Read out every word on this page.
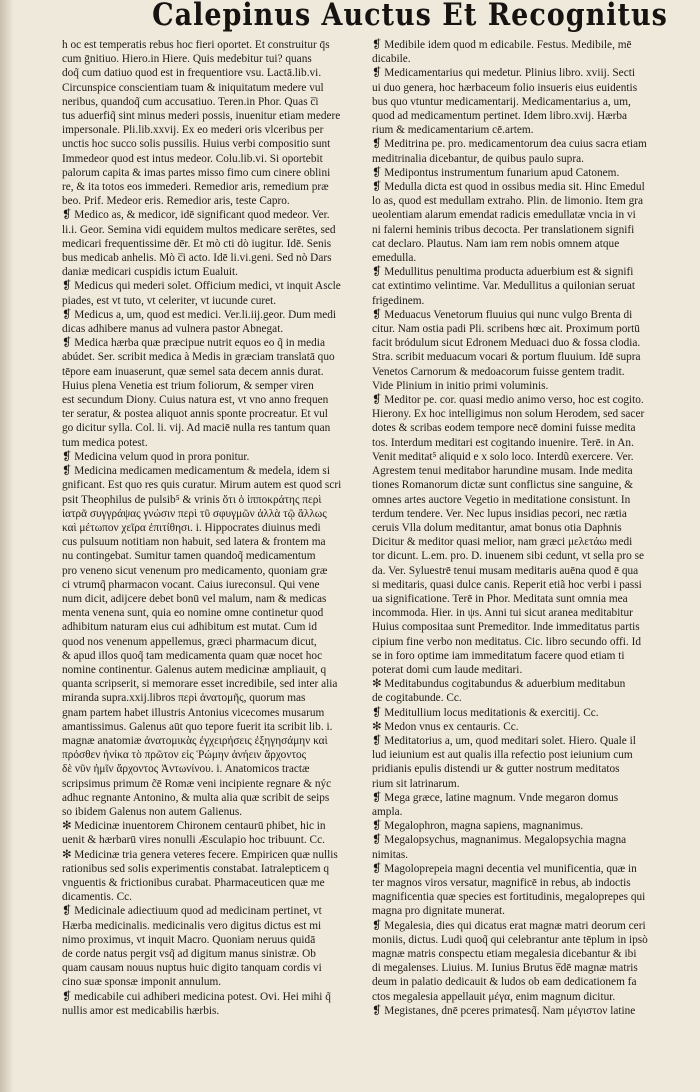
Calepinus Auctus Et Recognitus

h oc est temperatis rebus hoc fieri oportet. Et construitur q̄s

cum ḡnitiuo. Hiero.in Hiere. Quis medebitur tui? quans

doq̃ cum datiuo quod est in frequentiore vsu. Lactā.lib.vi.

Circunspice conscientiam tuam & iniquitatum medere vul

neribus, quandoq̃ cum accusatiuo. Teren.in Phor. Quas c̅i

tus aduerfiq̃ sint minus mederi possis, inuenitur etiam medere

impersonale. Pli.lib.xxvij. Ex eo mederi oris vlceribus per

unctis hoc succo solis pussilis. Huius verbi compositio sunt

Immedeor quod est intus medeor. Colu.lib.vi. Si oportebit

palorum capita & imas partes misso fimo cum cinere oblini

re, & ita totos eos immederi. Remedior aris, remedium præ

beo. Prif. Medeor eris. Remedior aris, teste Capro.

❡ Medico as, & medicor, idē significant quod medeor. Ver.

li.i. Geor. Semina vidi equidem multos medicare serētes, sed

medicari frequentissime dēr. Et mò cti dò iugitur. Idē. Senis

bus medicab anhelis. Mò c̅i acto. Idē li.vi.geni. Sed nò Dars

daniæ medicari cuspidis ictum Eualuit.

❡ Medicus qui mederi solet. Officium medici, vt inquit Ascle

piades, est vt tuto, vt celeriter, vt iucunde curet.

❡ Medicus a, um, quod est medici. Ver.li.iij.geor. Dum medi

dicas adhibere manus ad vulnera pastor Abnegat.

❡ Medica hærba quæ præcipue nutrit equos eo q̃ in media

abúdet. Ser. scribit medica à Medis in græciam translatā quo

tēpore eam inuaserunt, quæ semel sata decem annis durat.

Huius plena Venetia est trium foliorum, & semper viren

est secundum Diony. Cuius natura est, vt vno anno frequen

ter seratur, & postea aliquot annis sponte procreatur. Et vul

go dicitur sylla. Col. li. vij. Ad maciē nulla res tantum quan

tum medica potest.

❡ Medicina velum quod in prora ponitur.

❡ Medicina medicamen medicamentum & medela, idem si

gnificant. Est quo res quis curatur. Mirum autem est quod scri

psit Theophilus de pulsib⁵ & vrinis ὅτι ὁ ἱπποκράτης περὶ

ἰατρᾶ συγγράψας γνώσιν περὶ τῦ σφυγμῶν ἀλλὰ τῷ ἄλλως

καὶ μέτωπον χεῖρα ἐπιτίθησι. i. Hippocrates diuinus medi

cus pulsuum notitiam non habuit, sed latera & frontem ma

nu contingebat. Sumitur tamen quandoq̃ medicamentum

pro veneno sicut venenum pro medicamento, quoniam græ

ci vtrumq̃ pharmacon vocant. Caius iureconsul. Qui vene

num dicit, adijcere debet bonū vel malum, nam & medicas

menta venena sunt, quia eo nomine omne continetur quod

adhibitum naturam eius cui adhibitum est mutat. Cum id

quod nos venenum appellemus, græci pharmacum dicut,

& apud illos quoq̃ tam medicamenta quam quæ nocet hoc

nomine continentur. Galenus autem medicinæ ampliauit, q

quanta scripserit, si memorare esset incredibile, sed inter alia

miranda supra.xxij.libros περὶ ἀνατομῆς, quorum mas

gnam partem habet illustris Antonius vicecomes musarum

amantissimus. Galenus aūt quo tepore fuerit ita scribit lib. i.

magnæ anatomiæ ἀνατομικὰς ἐγχειρήσεις ἐξηγησάμην καὶ

πρόσθεν ἡνίκα τὸ πρῶτον εἰς Ῥώμην ἀνήειν ἄρχοντος

δὲ νῦν ἡμῖν ἄρχοντος Ἀντωνίνου. i. Anatomicos tractæ

scripsimus primum c̃ē Romæ veni incipiente regnare & nýc

adhuc regnante Antonino, & multa alia quæ scribit de seips

so ibidem Galenus non autem Galienus.

✻ Medicinæ inuentorem Chironem centaurū phibet, hic in

uenit & hærbarū vires nonulli Æsculapio hoc tribuunt. Cc.

✻ Medicinæ tria genera veteres fecere. Empiricen quæ nullis

rationibus sed solis experimentis constabat. Iatralepticem q

vnguentis & frictionibus curabat. Pharmaceuticen quæ me

dicamentis. Cc.

❡ Medicinale adiectiuum quod ad medicinam pertinet, vt

Hærba medicinalis. medicinalis vero digitus dictus est mi

nimo proximus, vt inquit Macro. Quoniam neruus quidā

de corde natus pergit vsq̃ ad digitum manus sinistræ. Ob

quam causam nouus nuptus huic digito tanquam cordis vi

cino suæ sponsæ imponit annulum.

❡ medicabile cui adhiberi medicina potest. Ovi. Hei mihi q̃

nullis amor est medicabilis hærbis.

❡ Medibile idem quod m edicabile. Festus. Medibile, mē

dicabile.

❡ Medicamentarius qui medetur. Plinius libro. xviij. Secti

ui duo genera, hoc hærbaceum folio insueris eius euidentis

bus quo vtuntur medicamentarij. Medicamentarius a, um,

quod ad medicamentum pertinet. Idem libro.xvij. Hærba

rium & medicamentarium cē.artem.

❡ Meditrina pe. pro. medicamentorum dea cuius sacra etiam

meditrinalia dicebantur, de quibus paulo supra.

❡ Medipontus instrumentum funarium apud Catonem.

❡ Medulla dicta est quod in ossibus media sit. Hinc Emedul

lo as, quod est medullam extraho. Plin. de limonio. Item gra

ueolentiam alarum emendat radicis emedullatæ vncia in vi

ni falerni heminis tribus decocta. Per translationem signifi

cat declaro. Plautus. Nam iam rem nobis omnem atque

emedulla.

❡ Medullitus penultima producta aduerbium est & signifi

cat extintimo velintime. Var. Medullitus a quilonian seruat

frigedinem.

❡ Meduacus Venetorum fluuius qui nunc vulgo Brenta di

citur. Nam ostia padi Pli. scribens hœc ait. Proximum portū

facit bródulum sicut Edronem Meduaci duo & fossa clodia.

Stra. scribit meduacum vocari & portum fluuium. Idē supra

Venetos Carnorum & medoacorum fuisse gentem tradit.

Vide Plinium in initio primi voluminis.

❡ Meditor pe. cor. quasi medio animo verso, hoc est cogito.

Hierony. Ex hoc intelligimus non solum Herodem, sed sacer

dotes & scribas eodem tempore necē domini fuisse medita

tos. Interdum meditari est cogitando inuenire. Terē. in An.

Venit meditat⁵ aliquid e x solo loco. Interdũ exercere. Ver.

Agrestem tenui meditabor harundine musam. Inde medita

tiones Romanorum dictæ sunt conflictus sine sanguine, &

omnes artes auctore Vegetio in meditatione consistunt. In

terdum tendere. Ver. Nec lupus insidias pecori, nec rætia

ceruis Vlla dolum meditantur, amat bonus otia Daphnis

Dicitur & meditor quasi melior, nam græci μελετάω medi

tor dicunt. L.em. pro. D. inuenem sibi cedunt, vt sella pro se

da. Ver. Syluestrē tenui musam meditaris auēna quod ē qua

si meditaris, quasi dulce canis. Reperit etiã hoc verbi i passi

ua significatione. Terē in Phor. Meditata sunt omnia mea

incommoda. Hier. in ψs. Anni tui sicut aranea meditabitur

Huius compositaa sunt Premeditor. Inde immeditatus partis

cipium fine verbo non meditatus. Cic. libro secundo offi. Id

se in foro optime iam immeditatum facere quod etiam ti

poterat domi cum laude meditari.

✻ Meditabundus cogitabundus & aduerbium meditabun

de cogitabunde. Cc.

❡ Meditullium locus meditationis & exercitij. Cc.

✻ Medon vnus ex centauris. Cc.

❡ Meditatorius a, um, quod meditari solet. Hiero. Quale il

lud ieiunium est aut qualis illa refectio post ieiunium cum

pridianis epulis distendi ur & gutter nostrum meditatos

rium sit latrinarum.

❡ Mega græce, latine magnum. Vnde megaron domus

ampla.

❡ Megalophron, magna sapiens, magnanimus.

❡ Megalopsychus, magnanimus. Megalopsychia magna

nimitas.

❡ Magoloprepeia magni decentia vel munificentia, quæ in

ter magnos viros versatur, magnificē in rebus, ab indoctis

magnificentia quæ species est fortitudinis, megaloprepes qui

magna pro dignitate munerat.

❡ Megalesia, dies qui dicatus erat magnæ matri deorum ceri

moniis, dictus. Ludi quoq̃ qui celebrantur ante tēplum in ipsò

magnæ matris conspectu etiam megalesia dicebantur & ibi

di megalenses. Liuius. M. Iunius Brutus e̅dē magnæ matris

deum in palatio dedicauit & ludos ob eam dedicationem fa

ctos megalesia appellauit μέγα, enim magnum dicitur.

❡ Megistanes, dnē pceres primatesq̃. Nam μέγιστον latine
